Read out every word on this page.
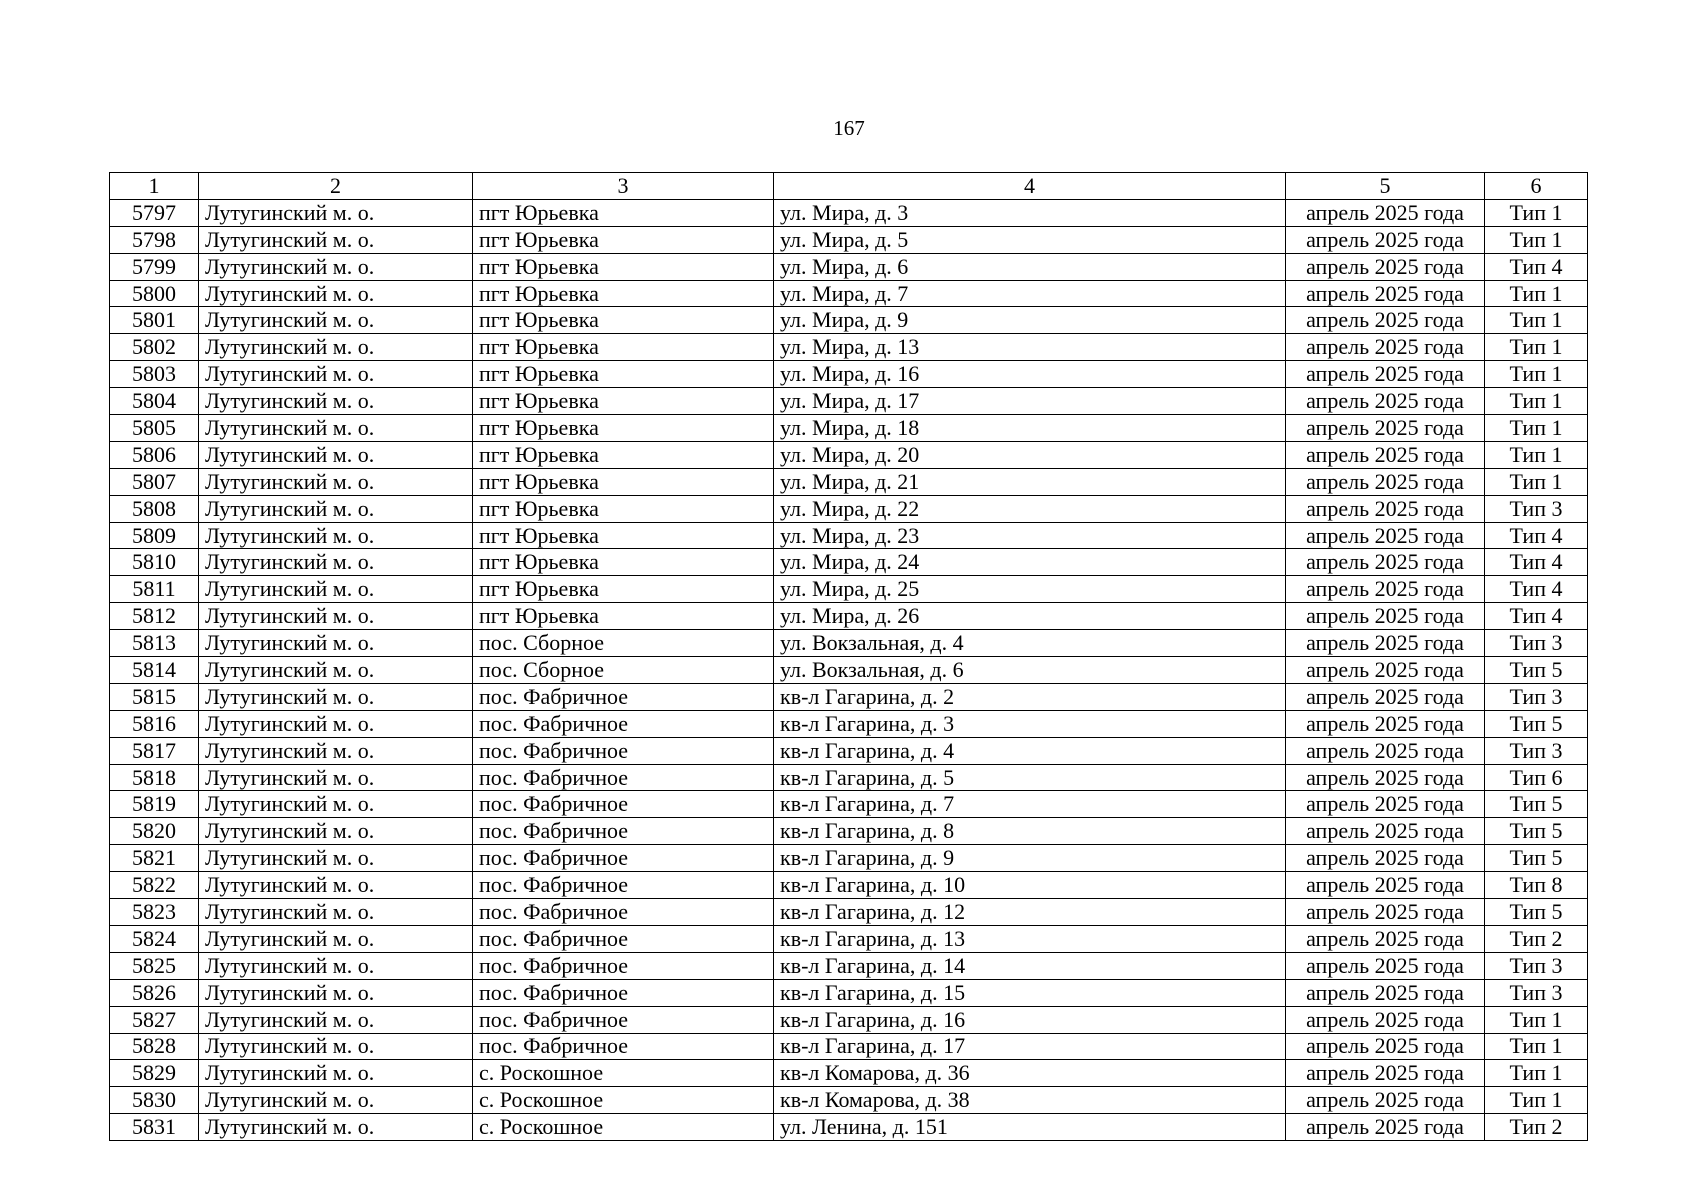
167
1	2	3	4	5	6
5797	Лутугинский м. о.	пгт Юрьевка	ул. Мира, д. 3	апрель 2025 года	Тип 1
5798	Лутугинский м. о.	пгт Юрьевка	ул. Мира, д. 5	апрель 2025 года	Тип 1
5799	Лутугинский м. о.	пгт Юрьевка	ул. Мира, д. 6	апрель 2025 года	Тип 4
5800	Лутугинский м. о.	пгт Юрьевка	ул. Мира, д. 7	апрель 2025 года	Тип 1
5801	Лутугинский м. о.	пгт Юрьевка	ул. Мира, д. 9	апрель 2025 года	Тип 1
5802	Лутугинский м. о.	пгт Юрьевка	ул. Мира, д. 13	апрель 2025 года	Тип 1
5803	Лутугинский м. о.	пгт Юрьевка	ул. Мира, д. 16	апрель 2025 года	Тип 1
5804	Лутугинский м. о.	пгт Юрьевка	ул. Мира, д. 17	апрель 2025 года	Тип 1
5805	Лутугинский м. о.	пгт Юрьевка	ул. Мира, д. 18	апрель 2025 года	Тип 1
5806	Лутугинский м. о.	пгт Юрьевка	ул. Мира, д. 20	апрель 2025 года	Тип 1
5807	Лутугинский м. о.	пгт Юрьевка	ул. Мира, д. 21	апрель 2025 года	Тип 1
5808	Лутугинский м. о.	пгт Юрьевка	ул. Мира, д. 22	апрель 2025 года	Тип 3
5809	Лутугинский м. о.	пгт Юрьевка	ул. Мира, д. 23	апрель 2025 года	Тип 4
5810	Лутугинский м. о.	пгт Юрьевка	ул. Мира, д. 24	апрель 2025 года	Тип 4
5811	Лутугинский м. о.	пгт Юрьевка	ул. Мира, д. 25	апрель 2025 года	Тип 4
5812	Лутугинский м. о.	пгт Юрьевка	ул. Мира, д. 26	апрель 2025 года	Тип 4
5813	Лутугинский м. о.	пос. Сборное	ул. Вокзальная, д. 4	апрель 2025 года	Тип 3
5814	Лутугинский м. о.	пос. Сборное	ул. Вокзальная, д. 6	апрель 2025 года	Тип 5
5815	Лутугинский м. о.	пос. Фабричное	кв-л Гагарина, д. 2	апрель 2025 года	Тип 3
5816	Лутугинский м. о.	пос. Фабричное	кв-л Гагарина, д. 3	апрель 2025 года	Тип 5
5817	Лутугинский м. о.	пос. Фабричное	кв-л Гагарина, д. 4	апрель 2025 года	Тип 3
5818	Лутугинский м. о.	пос. Фабричное	кв-л Гагарина, д. 5	апрель 2025 года	Тип 6
5819	Лутугинский м. о.	пос. Фабричное	кв-л Гагарина, д. 7	апрель 2025 года	Тип 5
5820	Лутугинский м. о.	пос. Фабричное	кв-л Гагарина, д. 8	апрель 2025 года	Тип 5
5821	Лутугинский м. о.	пос. Фабричное	кв-л Гагарина, д. 9	апрель 2025 года	Тип 5
5822	Лутугинский м. о.	пос. Фабричное	кв-л Гагарина, д. 10	апрель 2025 года	Тип 8
5823	Лутугинский м. о.	пос. Фабричное	кв-л Гагарина, д. 12	апрель 2025 года	Тип 5
5824	Лутугинский м. о.	пос. Фабричное	кв-л Гагарина, д. 13	апрель 2025 года	Тип 2
5825	Лутугинский м. о.	пос. Фабричное	кв-л Гагарина, д. 14	апрель 2025 года	Тип 3
5826	Лутугинский м. о.	пос. Фабричное	кв-л Гагарина, д. 15	апрель 2025 года	Тип 3
5827	Лутугинский м. о.	пос. Фабричное	кв-л Гагарина, д. 16	апрель 2025 года	Тип 1
5828	Лутугинский м. о.	пос. Фабричное	кв-л Гагарина, д. 17	апрель 2025 года	Тип 1
5829	Лутугинский м. о.	с. Роскошное	кв-л Комарова, д. 36	апрель 2025 года	Тип 1
5830	Лутугинский м. о.	с. Роскошное	кв-л Комарова, д. 38	апрель 2025 года	Тип 1
5831	Лутугинский м. о.	с. Роскошное	ул. Ленина, д. 151	апрель 2025 года	Тип 2
